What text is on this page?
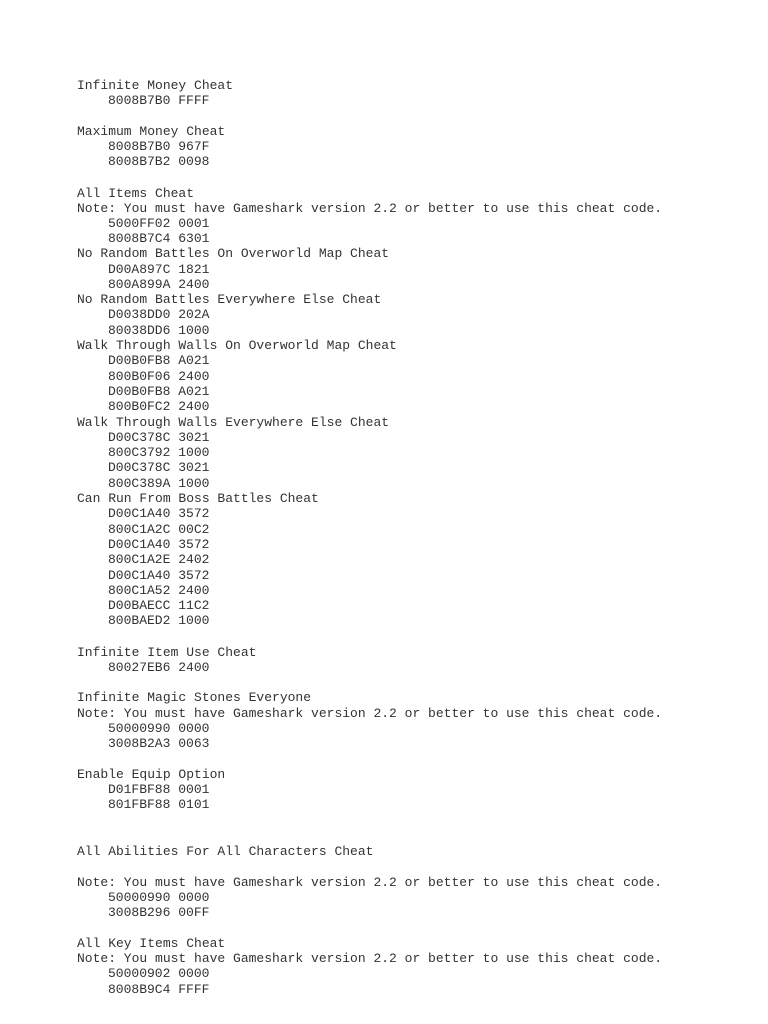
Infinite Money Cheat
8008B7B0 FFFF
Maximum Money Cheat
8008B7B0 967F
8008B7B2 0098
All Items Cheat
Note: You must have Gameshark version 2.2 or better to use this cheat code.
5000FF02 0001
8008B7C4 6301
No Random Battles On Overworld Map Cheat
D00A897C 1821
800A899A 2400
No Random Battles Everywhere Else Cheat
D0038DD0 202A
80038DD6 1000
Walk Through Walls On Overworld Map Cheat
D00B0FB8 A021
800B0F06 2400
D00B0FB8 A021
800B0FC2 2400
Walk Through Walls Everywhere Else Cheat
D00C378C 3021
800C3792 1000
D00C378C 3021
800C389A 1000
Can Run From Boss Battles Cheat
D00C1A40 3572
800C1A2C 00C2
D00C1A40 3572
800C1A2E 2402
D00C1A40 3572
800C1A52 2400
D00BAECC 11C2
800BAED2 1000
Infinite Item Use Cheat
80027EB6 2400
Infinite Magic Stones Everyone
Note: You must have Gameshark version 2.2 or better to use this cheat code.
50000990 0000
3008B2A3 0063
Enable Equip Option
D01FBF88 0001
801FBF88 0101
All Abilities For All Characters Cheat
Note: You must have Gameshark version 2.2 or better to use this cheat code.
50000990 0000
3008B296 00FF
All Key Items Cheat
Note: You must have Gameshark version 2.2 or better to use this cheat code.
50000902 0000
8008B9C4 FFFF
